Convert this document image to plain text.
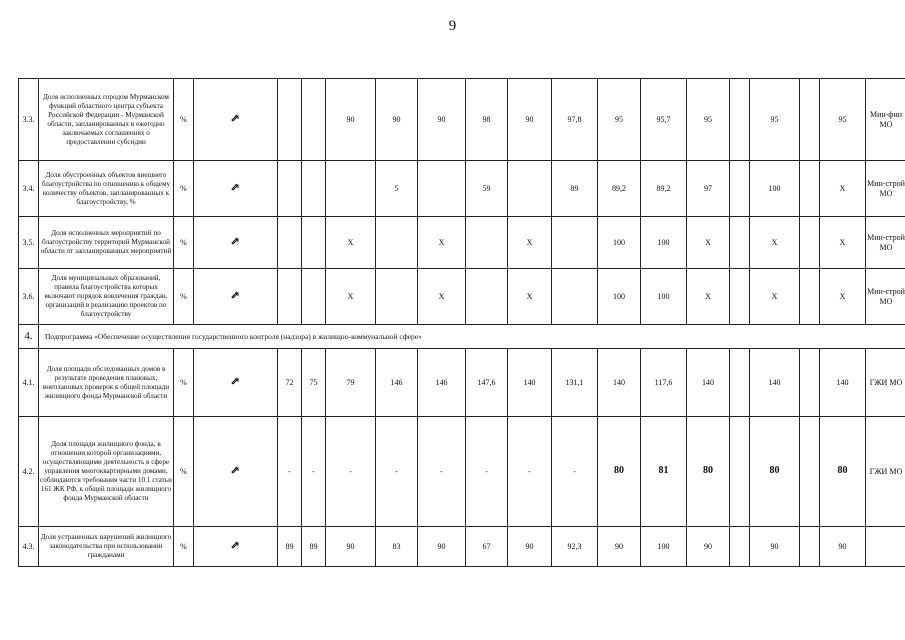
9
3.3.	Доля исполненных городом Мурманском функций областного центра субъекта Российской Федерации - Мурманской области, запланированных в ежегодно заключаемых соглашениях о предоставлении субсидии	%				90	90	90	98	90	97,8	95	95,7	95		95		95	Мин-фин МО
3.4.	Доля обустроенных объектов внешнего благоустройства по отношению к общему количеству объектов, запланированных к благоустройству, %	%					5		59		89	89,2	89,2	97		100		Х	Мин-строй МО
3.5.	Доля исполненных мероприятий по благоустройству территорий Мурманской области от запланированных мероприятий	%				Х		Х		Х		100	100	Х		Х		Х	Мин-строй МО
3.6.	Доля муниципальных образований, правила благоустройства которых включают порядок вовлечения граждан, организаций в реализацию проектов по благоустройству	%				Х		Х		Х		100	100	Х		Х		Х	Мин-строй МО
4.	Подпрограмма «Обеспечение осуществления государственного контроля (надзора) в жилищно-коммунальной сфере»																		
4.1.	Доля площади обследованных домов в результате проведения плановых, внеплановых проверок к общей площади жилищного фонда Мурманской области	%		72	75	79	146	146	147,6	140	131,1	140	117,6	140		140		140	ГЖИ МО
4.2.	Доля площади жилищного фонда, в отношении которой организациями, осуществляющими деятельность в сфере управления многоквартирными домами, соблюдаются требования части 10.1 статьи 161 ЖК РФ, к общей площади жилищного фонда Мурманской области	%		-	-	-	-	-	-	-	-	80	81	80		80		80	ГЖИ МО
4.3.	Доля устраненных нарушений жилищного законодательства при использовании гражданами	%		89	89	90	83	90	67	90	92,3	90	100	90		90		90	
